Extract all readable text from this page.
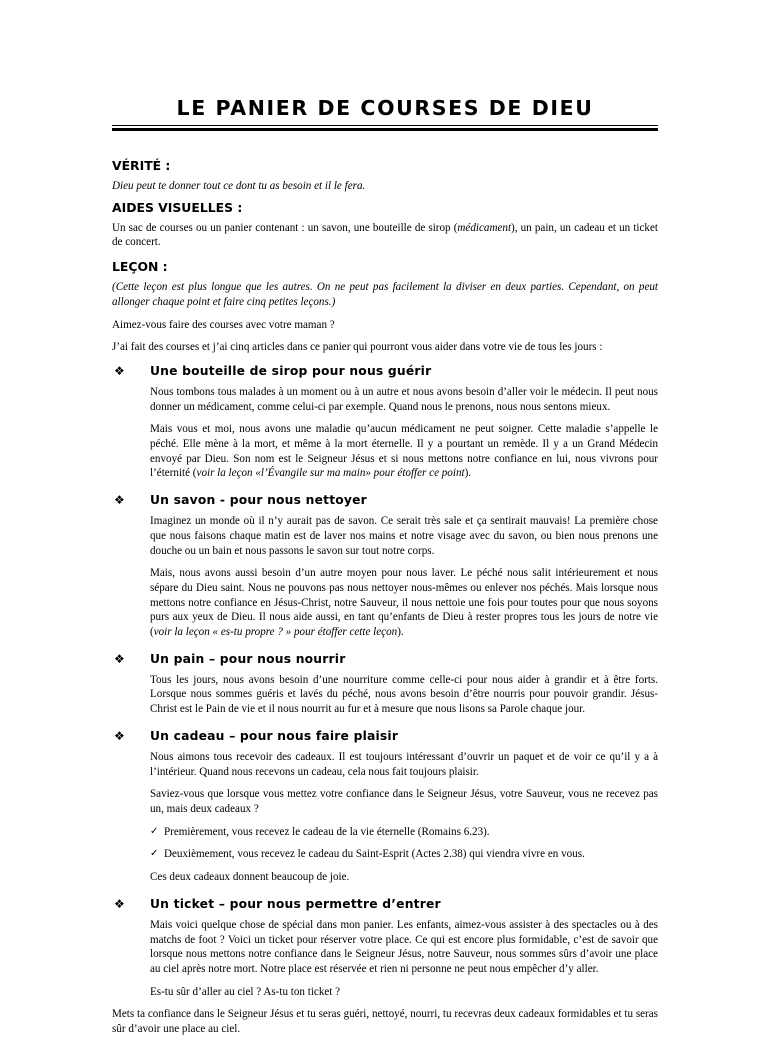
LE PANIER DE COURSES DE DIEU
VÉRITÉ :

Dieu peut te donner tout ce dont tu as besoin et il le fera.

AIDES VISUELLES :

Un sac de courses ou un panier contenant : un savon, une bouteille de sirop (médicament), un pain, un cadeau et un ticket de concert.

LEÇON :

(Cette leçon est plus longue que les autres. On ne peut pas facilement la diviser en deux parties. Cependant, on peut allonger chaque point et faire cinq petites leçons.)

Aimez-vous faire des courses avec votre maman ?

J’ai fait des courses et j’ai cinq articles dans ce panier qui pourront vous aider dans votre vie de tous les jours :

❖ Une bouteille de sirop pour nous guérir

Nous tombons tous malades à un moment ou à un autre et nous avons besoin d’aller voir le médecin. Il peut nous donner un médicament, comme celui-ci par exemple. Quand nous le prenons, nous nous sentons mieux.

Mais vous et moi, nous avons une maladie qu’aucun médicament ne peut soigner. Cette maladie s’appelle le péché. Elle mène à la mort, et même à la mort éternelle. Il y a pourtant un remède. Il y a un Grand Médecin envoyé par Dieu. Son nom est le Seigneur Jésus et si nous mettons notre confiance en lui, nous vivrons pour l’éternité (voir la leçon «l’Évangile sur ma main» pour étoffer ce point).

❖ Un savon - pour nous nettoyer

Imaginez un monde où il n’y aurait pas de savon. Ce serait très sale et ça sentirait mauvais! La première chose que nous faisons chaque matin est de laver nos mains et notre visage avec du savon, ou bien nous prenons une douche ou un bain et nous passons le savon sur tout notre corps.

Mais, nous avons aussi besoin d’un autre moyen pour nous laver. Le péché nous salit intérieurement et nous sépare du Dieu saint. Nous ne pouvons pas nous nettoyer nous-mêmes ou enlever nos péchés. Mais lorsque nous mettons notre confiance en Jésus-Christ, notre Sauveur, il nous nettoie une fois pour toutes pour que nous soyons purs aux yeux de Dieu. Il nous aide aussi, en tant qu’enfants de Dieu à rester propres tous les jours de notre vie (voir la leçon « es-tu propre ? » pour étoffer cette leçon).

❖ Un pain – pour nous nourrir

Tous les jours, nous avons besoin d’une nourriture comme celle-ci pour nous aider à grandir et à être forts. Lorsque nous sommes guéris et lavés du péché, nous avons besoin d’être nourris pour pouvoir grandir. Jésus-Christ est le Pain de vie et il nous nourrit au fur et à mesure que nous lisons sa Parole chaque jour.

❖ Un cadeau – pour nous faire plaisir

Nous aimons tous recevoir des cadeaux. Il est toujours intéressant d’ouvrir un paquet et de voir ce qu’il y a à l’intérieur. Quand nous recevons un cadeau, cela nous fait toujours plaisir.

Saviez-vous que lorsque vous mettez votre confiance dans le Seigneur Jésus, votre Sauveur, vous ne recevez pas un, mais deux cadeaux ?

✓ Premièrement, vous recevez le cadeau de la vie éternelle (Romains 6.23).

✓ Deuxièmement, vous recevez le cadeau du Saint-Esprit (Actes 2.38) qui viendra vivre en vous.

Ces deux cadeaux donnent beaucoup de joie.

❖ Un ticket – pour nous permettre d’entrer

Mais voici quelque chose de spécial dans mon panier. Les enfants, aimez-vous assister à des spectacles ou à des matchs de foot ? Voici un ticket pour réserver votre place. Ce qui est encore plus formidable, c’est de savoir que lorsque nous mettons notre confiance dans le Seigneur Jésus, notre Sauveur, nous sommes sûrs d’avoir une place au ciel après notre mort. Notre place est réservée et rien ni personne ne peut nous empêcher d’y aller.

Es-tu sûr d’aller au ciel ? As-tu ton ticket ?

Mets ta confiance dans le Seigneur Jésus et tu seras guéri, nettoyé, nourri, tu recevras deux cadeaux formidables et tu seras sûr d’avoir une place au ciel.
